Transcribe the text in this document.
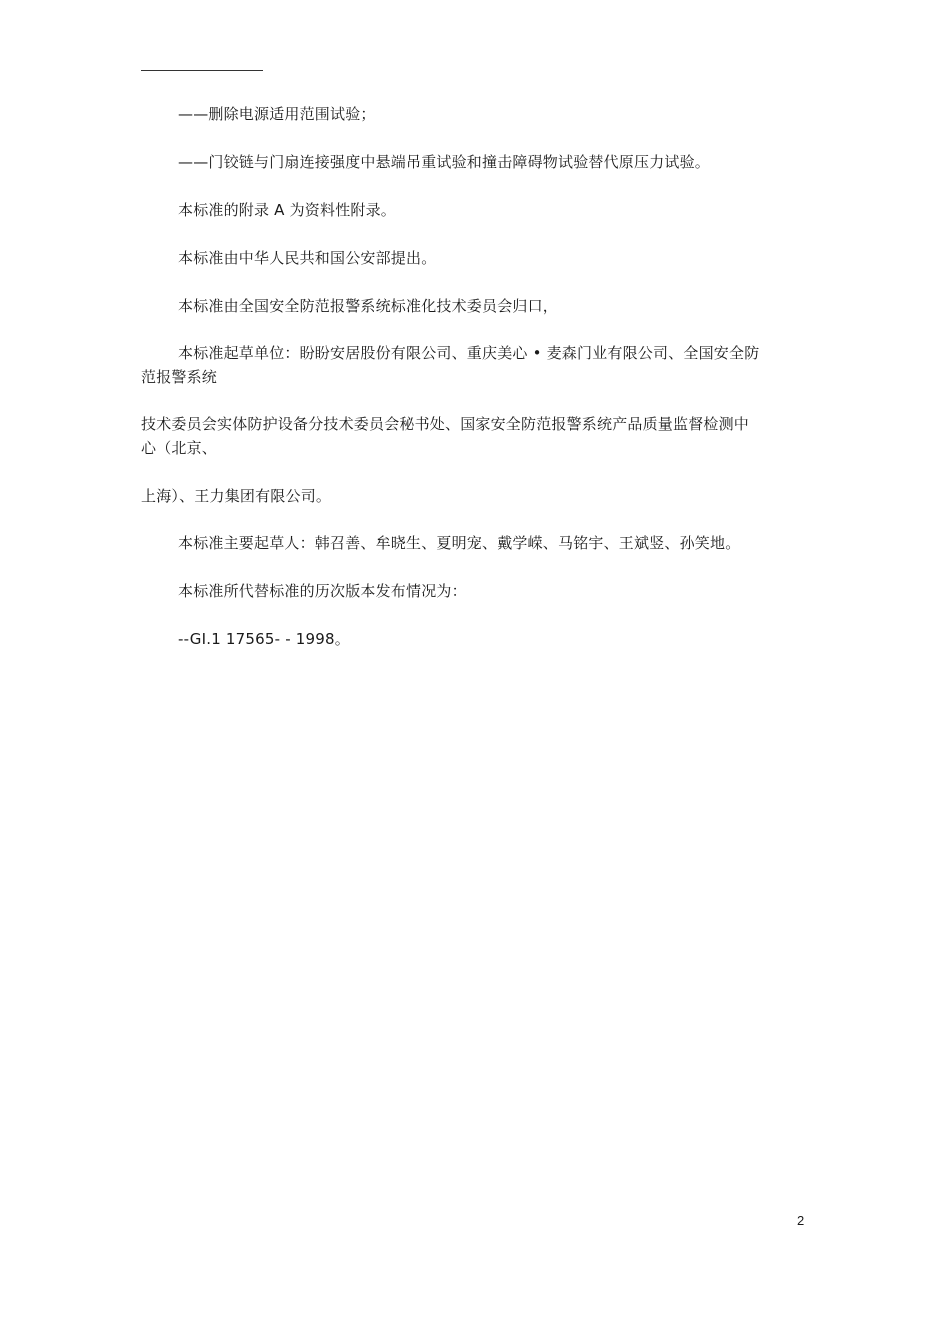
——删除电源适用范围试验；
——门铰链与门扇连接强度中悬端吊重试验和撞击障碍物试验替代原压力试验。
本标准的附录 A 为资料性附录。
本标准由中华人民共和国公安部提出。
本标准由全国安全防范报警系统标准化技术委员会归口，
本标准起草单位：盼盼安居股份有限公司、重庆美心 • 麦森门业有限公司、全国安全防
范报警系统
技术委员会实体防护设备分技术委员会秘书处、国家安全防范报警系统产品质量监督检测中
心（北京、
上海）、王力集团有限公司。
本标准主要起草人：韩召善、牟晓生、夏明宠、戴学嵘、马铭宇、王斌竖、孙笑地。
本标准所代替标准的历次版本发布情况为：
--GI.1 17565- - 1998。
2
